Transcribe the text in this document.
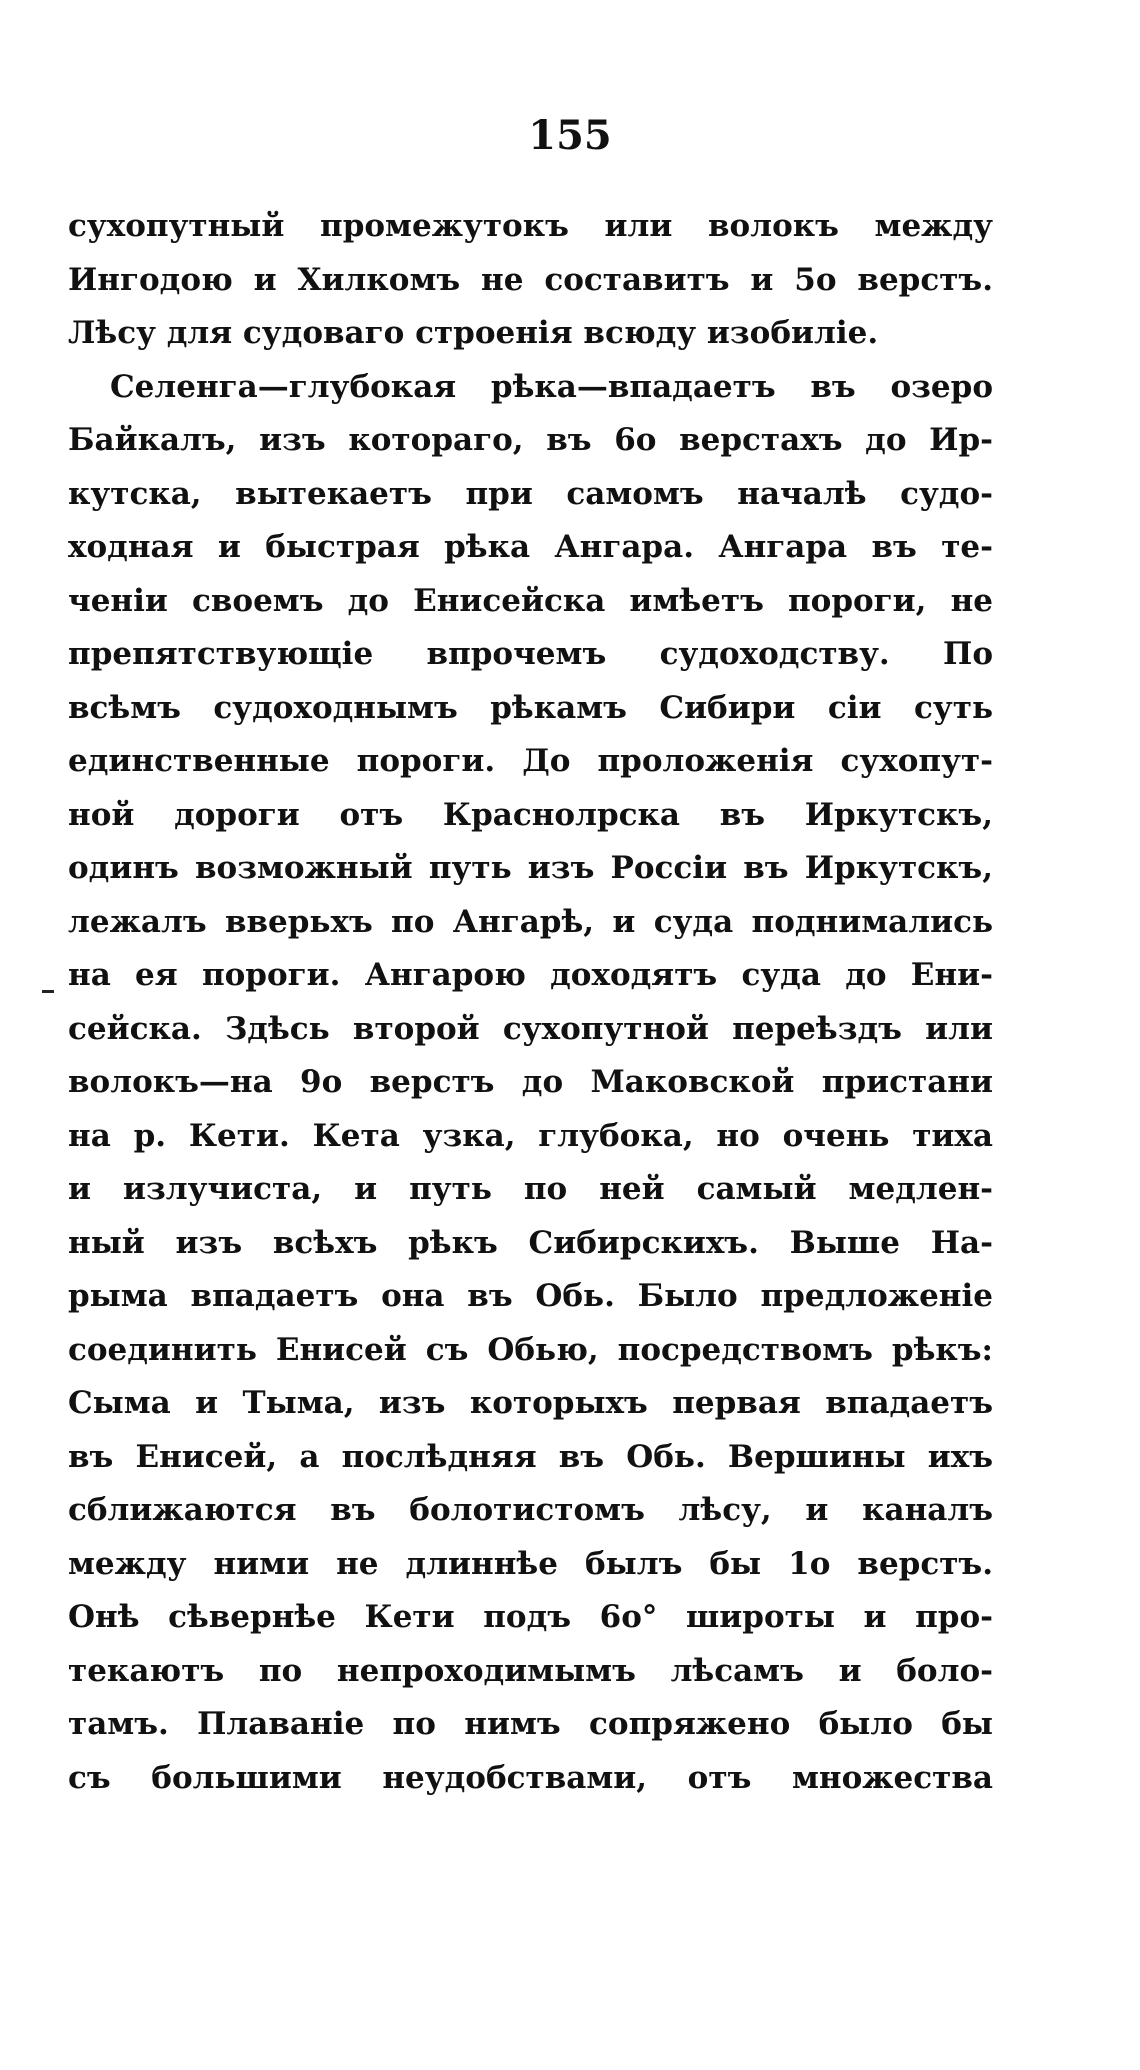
155
сухопутный промежутокъ или волокъ между
Ингодою и Хилкомъ не составитъ и 5о верстъ.
Лѣсу для судоваго строенія всюду изобиліе.
Селенга—глубокая рѣка—впадаетъ въ озеро
Байкалъ, изъ котораго, въ 6о верстахъ до Ир-
кутска, вытекаетъ при самомъ началѣ судо-
ходная и быстрая рѣка Ангара. Ангара въ те-
ченіи своемъ до Енисейска имѣетъ пороги, не
препятствующіе впрочемъ судоходству. По
всѣмъ судоходнымъ рѣкамъ Сибири сіи суть
единственные пороги. До проложенія сухопут-
ной дороги отъ Краснолрска въ Иркутскъ,
одинъ возможный путь изъ Россіи въ Иркутскъ,
лежалъ вверьхъ по Ангарѣ, и суда поднимались
на ея пороги. Ангарою доходятъ суда до Ени-
сейска. Здѣсь второй сухопутной переѣздъ или
волокъ—на 9о верстъ до Маковской пристани
на р. Кети. Кета узка, глубока, но очень тиха
и излучиста, и путь по ней самый медлен-
ный изъ всѣхъ рѣкъ Сибирскихъ. Выше На-
рыма впадаетъ она въ Обь. Было предложеніе
соединить Енисей съ Обью, посредствомъ рѣкъ:
Сыма и Тыма, изъ которыхъ первая впадаетъ
въ Енисей, а послѣдняя въ Обь. Вершины ихъ
сближаются въ болотистомъ лѣсу, и каналъ
между ними не длиннѣе былъ бы 1о верстъ.
Онѣ сѣвернѣе Кети подъ 6о° широты и про-
текаютъ по непроходимымъ лѣсамъ и боло-
тамъ. Плаваніе по нимъ сопряжено было бы
съ большими неудобствами, отъ множества
